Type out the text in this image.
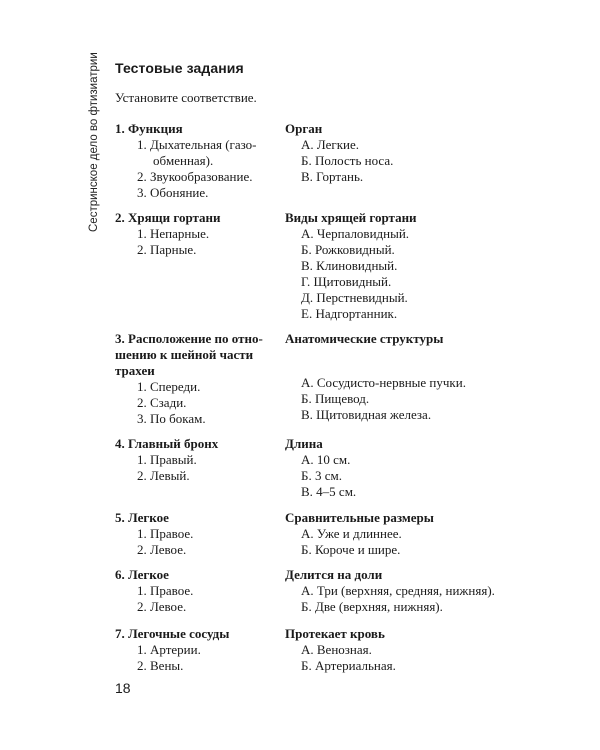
Сестринское дело во фтизиатрии Тестовые задания
Установите соответствие.
1. Функция
1. Дыхательная (газо-
обменная).
2. Звукообразование.
3. Обоняние.
Орган
А. Легкие.
Б. Полость носа.
В. Гортань.
2. Хрящи гортани
1. Непарные.
2. Парные.
Виды хрящей гортани
А. Черпаловидный.
Б. Рожковидный.
В. Клиновидный.
Г. Щитовидный.
Д. Перстневидный.
Е. Надгортанник.
3. Расположение по отно-
шению к шейной части
трахеи
1. Спереди.
2. Сзади.
3. По бокам.
Анатомические структуры
А. Сосудисто-нервные пучки.
Б. Пищевод.
В. Щитовидная железа.
4. Главный бронх
1. Правый.
2. Левый.
Длина
А. 10 см.
Б. 3 см.
В. 4–5 см.
5. Легкое
1. Правое.
2. Левое.
Сравнительные размеры
А. Уже и длиннее.
Б. Короче и шире.
6. Легкое
1. Правое.
2. Левое.
Делится на доли
А. Три (верхняя, средняя, нижняя).
Б. Две (верхняя, нижняя).
7. Легочные сосуды
1. Артерии.
2. Вены.
Протекает кровь
А. Венозная.
Б. Артериальная.
18
